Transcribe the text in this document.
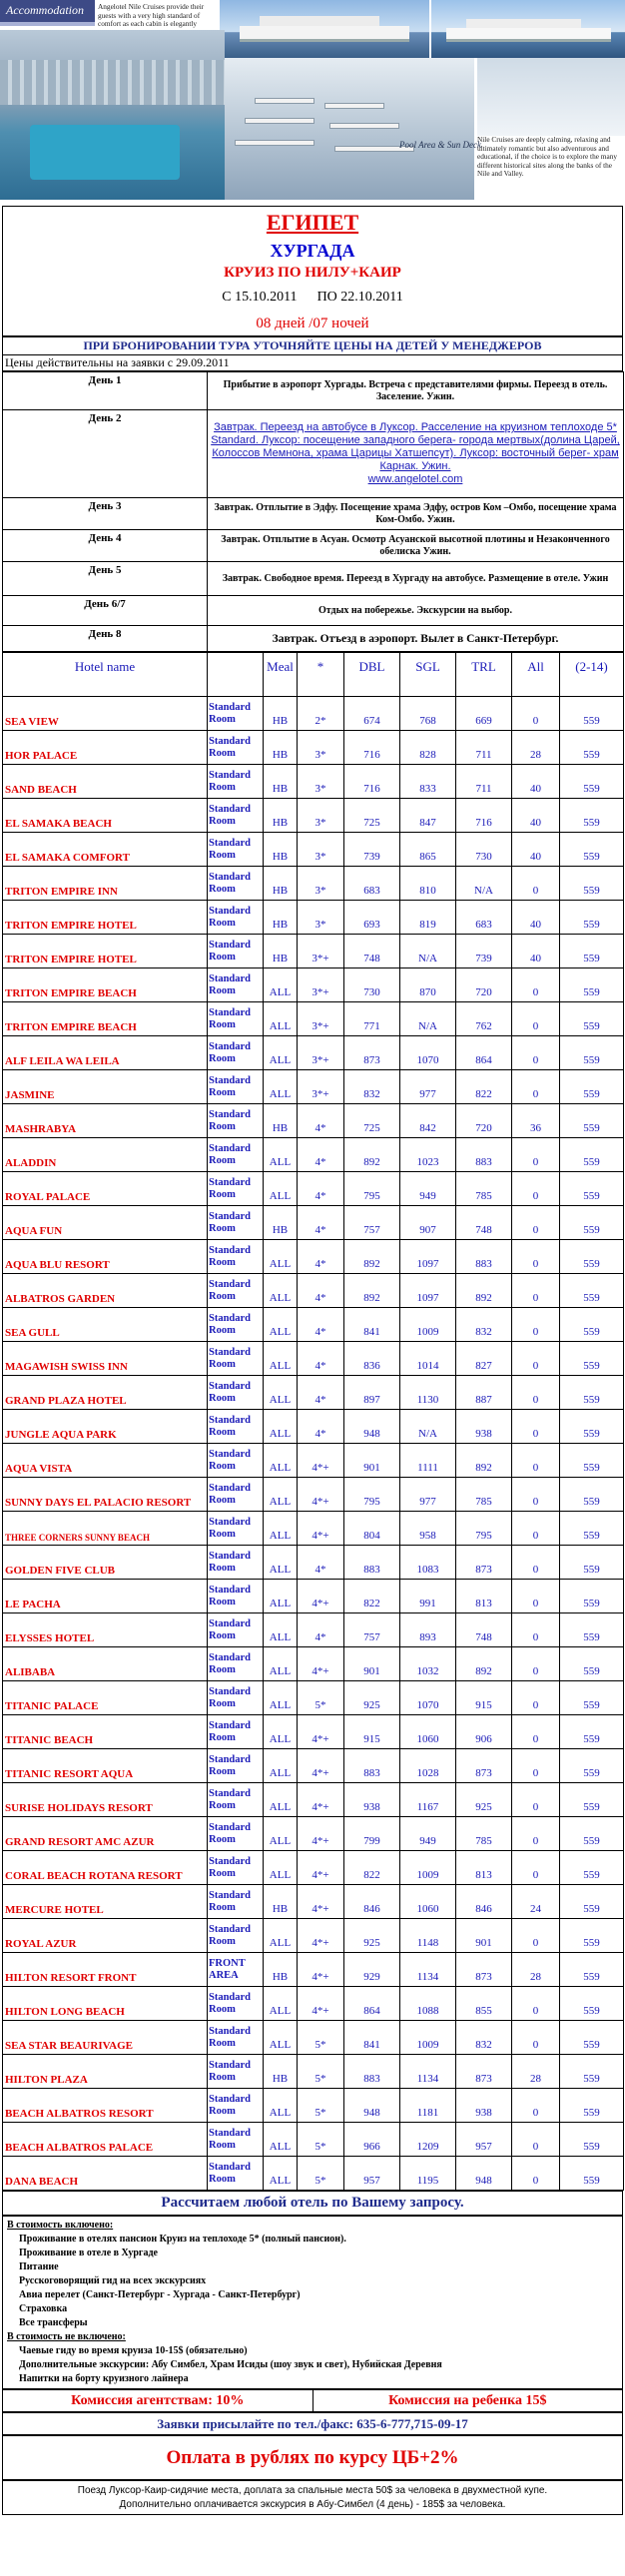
Accommodation	Angelotel Nile Cruises provide their guests with a very high standard of comfort as each cabin is elegantly
Pool Area & Sun Deck
Nile Cruises are deeply calming, relaxing and ultimately romantic but also adventurous and educational, if the choice is to explore the many different historical sites along the banks of the Nile and Valley.
ЕГИПЕТ
ХУРГАДА
КРУИЗ ПО НИЛУ+КАИР
С 15.10.2011 ПО 22.10.2011
08 дней /07 ночей
ПРИ БРОНИРОВАНИИ ТУРА УТОЧНЯЙТЕ ЦЕНЫ НА ДЕТЕЙ У МЕНЕДЖЕРОВ
Цены действительны на заявки с 29.09.2011
День 1	Прибытие в аэропорт Хургады. Встреча с представителями фирмы. Переезд в отель. Заселение. Ужин.
День 2	Завтрак. Переезд на автобусе в Луксор. Расселение на круизном теплоходе 5* Standard. Луксор: посещение западного берега- города мертвых(долина Царей, Колоссов Мемнона, храма Царицы Хатшепсут). Луксор: восточный берег- храм Карнак. Ужин.
www.angelotel.com
День 3	Завтрак. Отплытие в Эдфу. Посещение храма Эдфу, остров Ком –Омбо, посещение храма Ком-Омбо. Ужин.
День 4	Завтрак. Отплытие в Асуан. Осмотр Асуанской высотной плотины и Незаконченного обелиска Ужин.
День 5	Завтрак. Свободное время. Переезд в Хургаду на автобусе. Размещение в отеле. Ужин
День 6/7	Отдых на побережье. Экскурсии на выбор.
День 8	Завтрак. Отъезд в аэропорт. Вылет в Санкт-Петербург.
Hotel name		Meal	*	DBL	SGL	TRL	All	(2-14)
SEA VIEW	Standard Room	HB	2*	674	768	669	0	559
HOR PALACE	Standard Room	HB	3*	716	828	711	28	559
SAND BEACH	Standard Room	HB	3*	716	833	711	40	559
EL SAMAKA BEACH	Standard Room	HB	3*	725	847	716	40	559
EL SAMAKA COMFORT	Standard Room	HB	3*	739	865	730	40	559
TRITON EMPIRE INN	Standard Room	HB	3*	683	810	N/A	0	559
TRITON EMPIRE HOTEL	Standard Room	HB	3*	693	819	683	40	559
TRITON EMPIRE HOTEL	Standard Room	HB	3*+	748	N/A	739	40	559
TRITON EMPIRE BEACH	Standard Room	ALL	3*+	730	870	720	0	559
TRITON EMPIRE BEACH	Standard Room	ALL	3*+	771	N/A	762	0	559
ALF LEILA WA LEILA	Standard Room	ALL	3*+	873	1070	864	0	559
JASMINE	Standard Room	ALL	3*+	832	977	822	0	559
MASHRABYA	Standard Room	HB	4*	725	842	720	36	559
ALADDIN	Standard Room	ALL	4*	892	1023	883	0	559
ROYAL PALACE	Standard Room	ALL	4*	795	949	785	0	559
AQUA FUN	Standard Room	HB	4*	757	907	748	0	559
AQUA BLU RESORT	Standard Room	ALL	4*	892	1097	883	0	559
ALBATROS GARDEN	Standard Room	ALL	4*	892	1097	892	0	559
SEA GULL	Standard Room	ALL	4*	841	1009	832	0	559
MAGAWISH SWISS INN	Standard Room	ALL	4*	836	1014	827	0	559
GRAND PLAZA HOTEL	Standard Room	ALL	4*	897	1130	887	0	559
JUNGLE AQUA PARK	Standard Room	ALL	4*	948	N/A	938	0	559
AQUA VISTA	Standard Room	ALL	4*+	901	1111	892	0	559
SUNNY DAYS EL PALACIO RESORT	Standard Room	ALL	4*+	795	977	785	0	559
THREE CORNERS SUNNY BEACH	Standard Room	ALL	4*+	804	958	795	0	559
GOLDEN FIVE CLUB	Standard Room	ALL	4*	883	1083	873	0	559
LE PACHA	Standard Room	ALL	4*+	822	991	813	0	559
ELYSSES HOTEL	Standard Room	ALL	4*	757	893	748	0	559
ALIBABA	Standard Room	ALL	4*+	901	1032	892	0	559
TITANIC PALACE	Standard Room	ALL	5*	925	1070	915	0	559
TITANIC BEACH	Standard Room	ALL	4*+	915	1060	906	0	559
TITANIC RESORT AQUA	Standard Room	ALL	4*+	883	1028	873	0	559
SURISE HOLIDAYS RESORT	Standard Room	ALL	4*+	938	1167	925	0	559
GRAND RESORT AMC AZUR	Standard Room	ALL	4*+	799	949	785	0	559
CORAL BEACH ROTANA RESORT	Standard Room	ALL	4*+	822	1009	813	0	559
MERCURE HOTEL	Standard Room	HB	4*+	846	1060	846	24	559
ROYAL AZUR	Standard Room	ALL	4*+	925	1148	901	0	559
HILTON RESORT FRONT	FRONT AREA	HB	4*+	929	1134	873	28	559
HILTON LONG BEACH	Standard Room	ALL	4*+	864	1088	855	0	559
SEA STAR BEAURIVAGE	Standard Room	ALL	5*	841	1009	832	0	559
HILTON PLAZA	Standard Room	HB	5*	883	1134	873	28	559
BEACH ALBATROS RESORT	Standard Room	ALL	5*	948	1181	938	0	559
BEACH ALBATROS PALACE	Standard Room	ALL	5*	966	1209	957	0	559
DANA BEACH	Standard Room	ALL	5*	957	1195	948	0	559
Рассчитаем любой отель по Вашему запросу.
В стоимость включено:
Проживание в отелях пансион Круиз на теплоходе 5* (полный пансион).
Проживание в отеле в Хургаде
Питание
Русскоговорящий гид на всех экскурсиях
Авиа перелет (Санкт-Петербург - Хургада - Санкт-Петербург)
Страховка
Все трансферы
В стоимость не включено:
Чаевые гиду во время круиза 10-15$ (обязательно)
Дополнительные экскурсии: Абу Симбел, Храм Исиды (шоу звук и свет), Нубийская Деревня
Напитки на борту круизного лайнера
Комиссия агентствам: 10%	Комиссия на ребенка 15$
Заявки присылайте по тел./факс: 635-6-777,715-09-17
Оплата в рублях по курсу ЦБ+2%
Поезд Луксор-Каир-сидячие места, доплата за спальные места 50$ за человека в двухместной купе.
Дополнительно оплачивается экскурсия в Абу-Симбел (4 день) - 185$ за человека.
